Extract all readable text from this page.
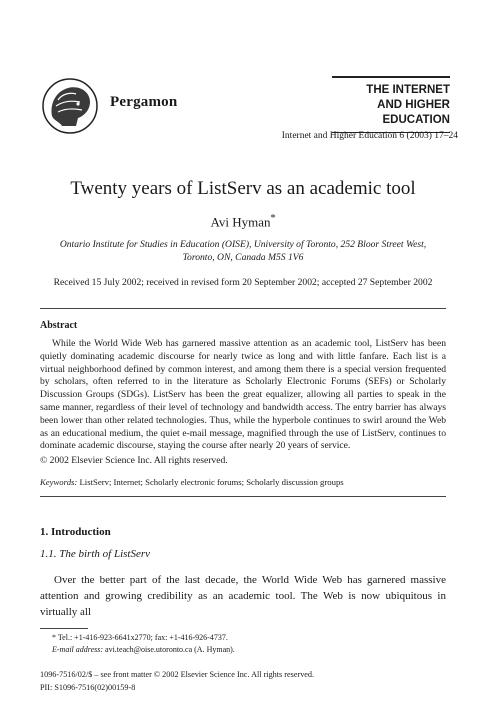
Pergamon
THE INTERNET
AND HIGHER
EDUCATION
Internet and Higher Education 6 (2003) 17–24
Twenty years of ListServ as an academic tool
Avi Hyman*
Ontario Institute for Studies in Education (OISE), University of Toronto, 252 Bloor Street West,
Toronto, ON, Canada M5S 1V6
Received 15 July 2002; received in revised form 20 September 2002; accepted 27 September 2002
Abstract
While the World Wide Web has garnered massive attention as an academic tool, ListServ has been quietly dominating academic discourse for nearly twice as long and with little fanfare. Each list is a virtual neighborhood defined by common interest, and among them there is a special version frequented by scholars, often referred to in the literature as Scholarly Electronic Forums (SEFs) or Scholarly Discussion Groups (SDGs). ListServ has been the great equalizer, allowing all parties to speak in the same manner, regardless of their level of technology and bandwidth access. The entry barrier has always been lower than other related technologies. Thus, while the hyperbole continues to swirl around the Web as an educational medium, the quiet e-mail message, magnified through the use of ListServ, continues to dominate academic discourse, staying the course after nearly 20 years of service.
© 2002 Elsevier Science Inc. All rights reserved.
Keywords: ListServ; Internet; Scholarly electronic forums; Scholarly discussion groups
1. Introduction
1.1. The birth of ListServ
Over the better part of the last decade, the World Wide Web has garnered massive attention and growing credibility as an academic tool. The Web is now ubiquitous in virtually all
* Tel.: +1-416-923-6641x2770; fax: +1-416-926-4737.
E-mail address: avi.teach@oise.utoronto.ca (A. Hyman).
1096-7516/02/$ – see front matter © 2002 Elsevier Science Inc. All rights reserved.
PII: S1096-7516(02)00159-8
